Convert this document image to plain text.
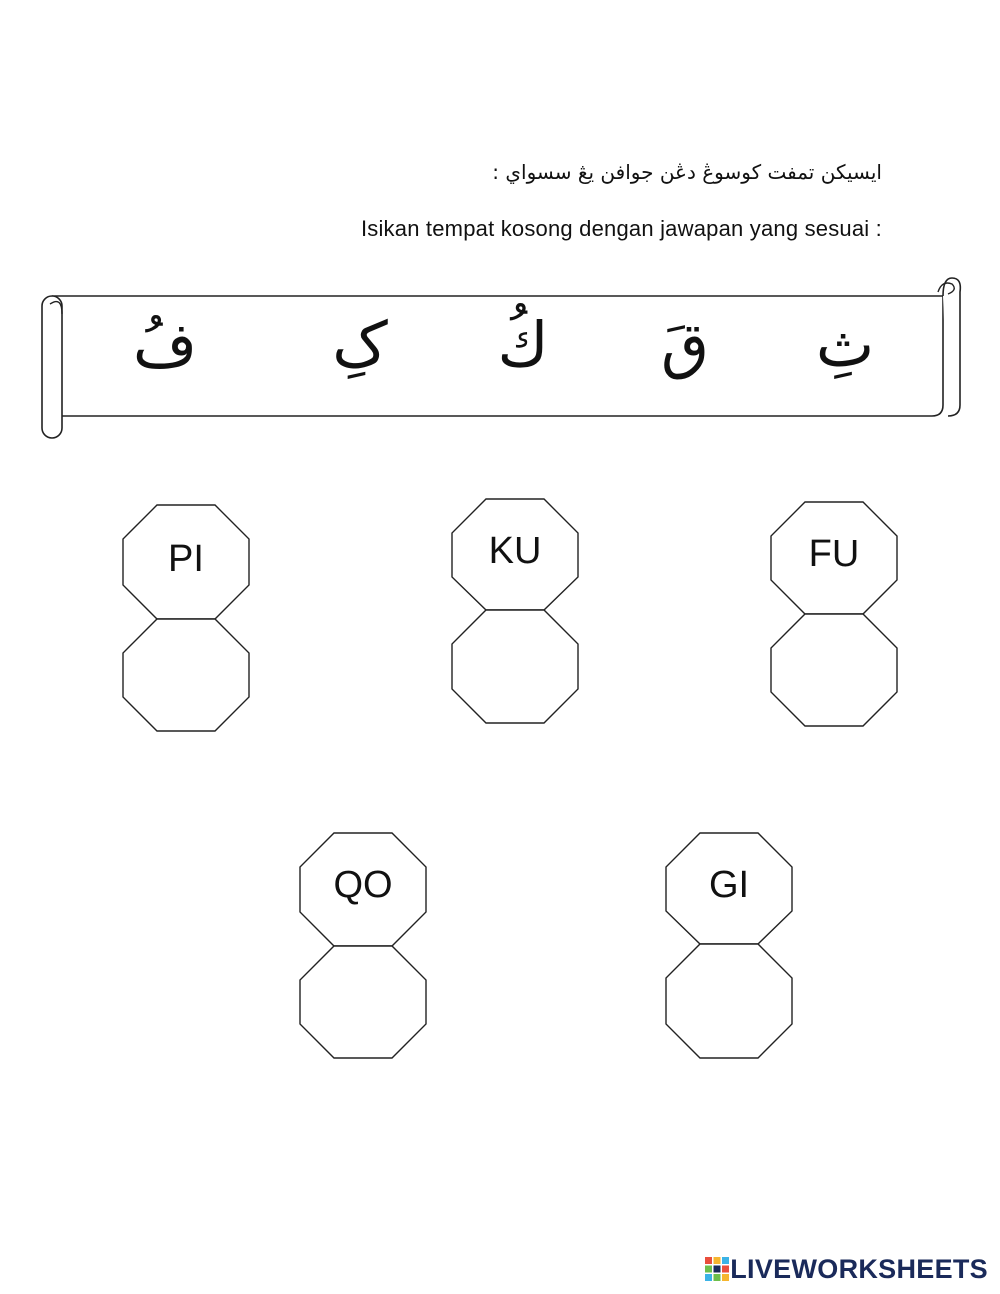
ايسيكن تمفت كوسوڠ دڠن جوافن يڠ سسواي :
Isikan tempat kosong dengan jawapan yang sesuai :
ثِ
قَ
كُ
کِ
فُ
PI	KU	FU
QO	GI
LIVEWORKSHEETS
